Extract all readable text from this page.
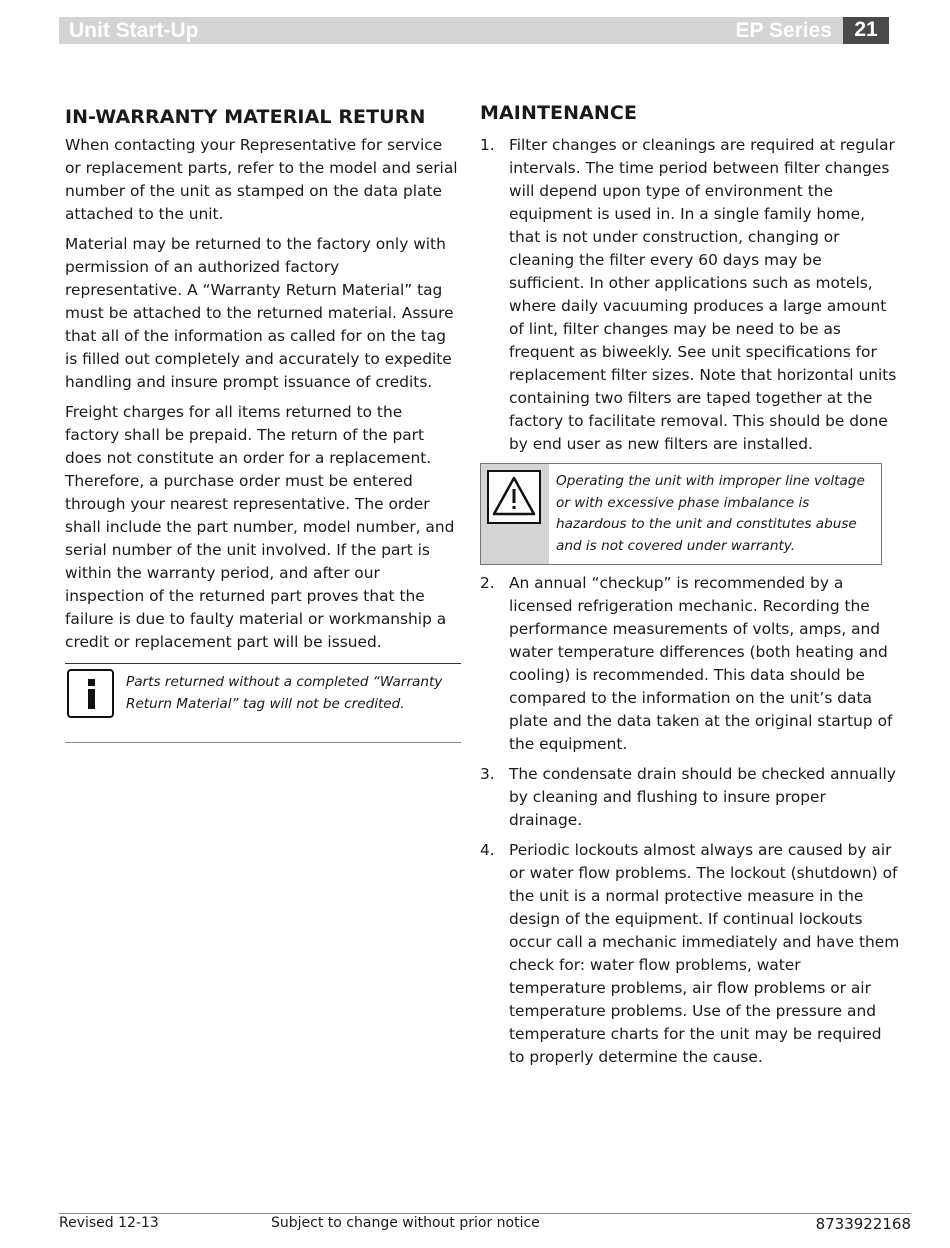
Unit Start-Up	EP Series	21
IN-WARRANTY MATERIAL RETURN

When contacting your Representative for service or replacement parts, refer to the model and serial number of the unit as stamped on the data plate attached to the unit.

Material may be returned to the factory only with permission of an authorized factory representative. A “Warranty Return Material” tag must be attached to the returned material. Assure that all of the information as called for on the tag is filled out completely and accurately to expedite handling and insure prompt issuance of credits.

Freight charges for all items returned to the factory shall be prepaid. The return of the part does not constitute an order for a replacement. Therefore, a purchase order must be entered through your nearest representative. The order shall include the part number, model number, and serial number of the unit involved. If the part is within the warranty period, and after our inspection of the returned part proves that the failure is due to faulty material or workmanship a credit or replacement part will be issued.

Parts returned without a completed “Warranty Return Material” tag will not be credited.
MAINTENANCE
1. Filter changes or cleanings are required at regular intervals. The time period between filter changes will depend upon type of environment the equipment is used in. In a single family home, that is not under construction, changing or cleaning the filter every 60 days may be sufficient. In other applications such as motels, where daily vacuuming produces a large amount of lint, filter changes may be need to be as frequent as biweekly. See unit specifications for replacement filter sizes. Note that horizontal units containing two filters are taped together at the factory to facilitate removal. This should be done by end user as new filters are installed.
Operating the unit with improper line voltage or with excessive phase imbalance is hazardous to the unit and constitutes abuse and is not covered under warranty.
2. An annual “checkup” is recommended by a licensed refrigeration mechanic. Recording the performance measurements of volts, amps, and water temperature differences (both heating and cooling) is recommended. This data should be compared to the information on the unit’s data plate and the data taken at the original startup of the equipment.
3. The condensate drain should be checked annually by cleaning and flushing to insure proper drainage.
4. Periodic lockouts almost always are caused by air or water flow problems. The lockout (shutdown) of the unit is a normal protective measure in the design of the equipment. If continual lockouts occur call a mechanic immediately and have them check for: water flow problems, water temperature problems, air flow problems or air temperature problems. Use of the pressure and temperature charts for the unit may be required to properly determine the cause.
Revised 12-13	Subject to change without prior notice	8733922168
